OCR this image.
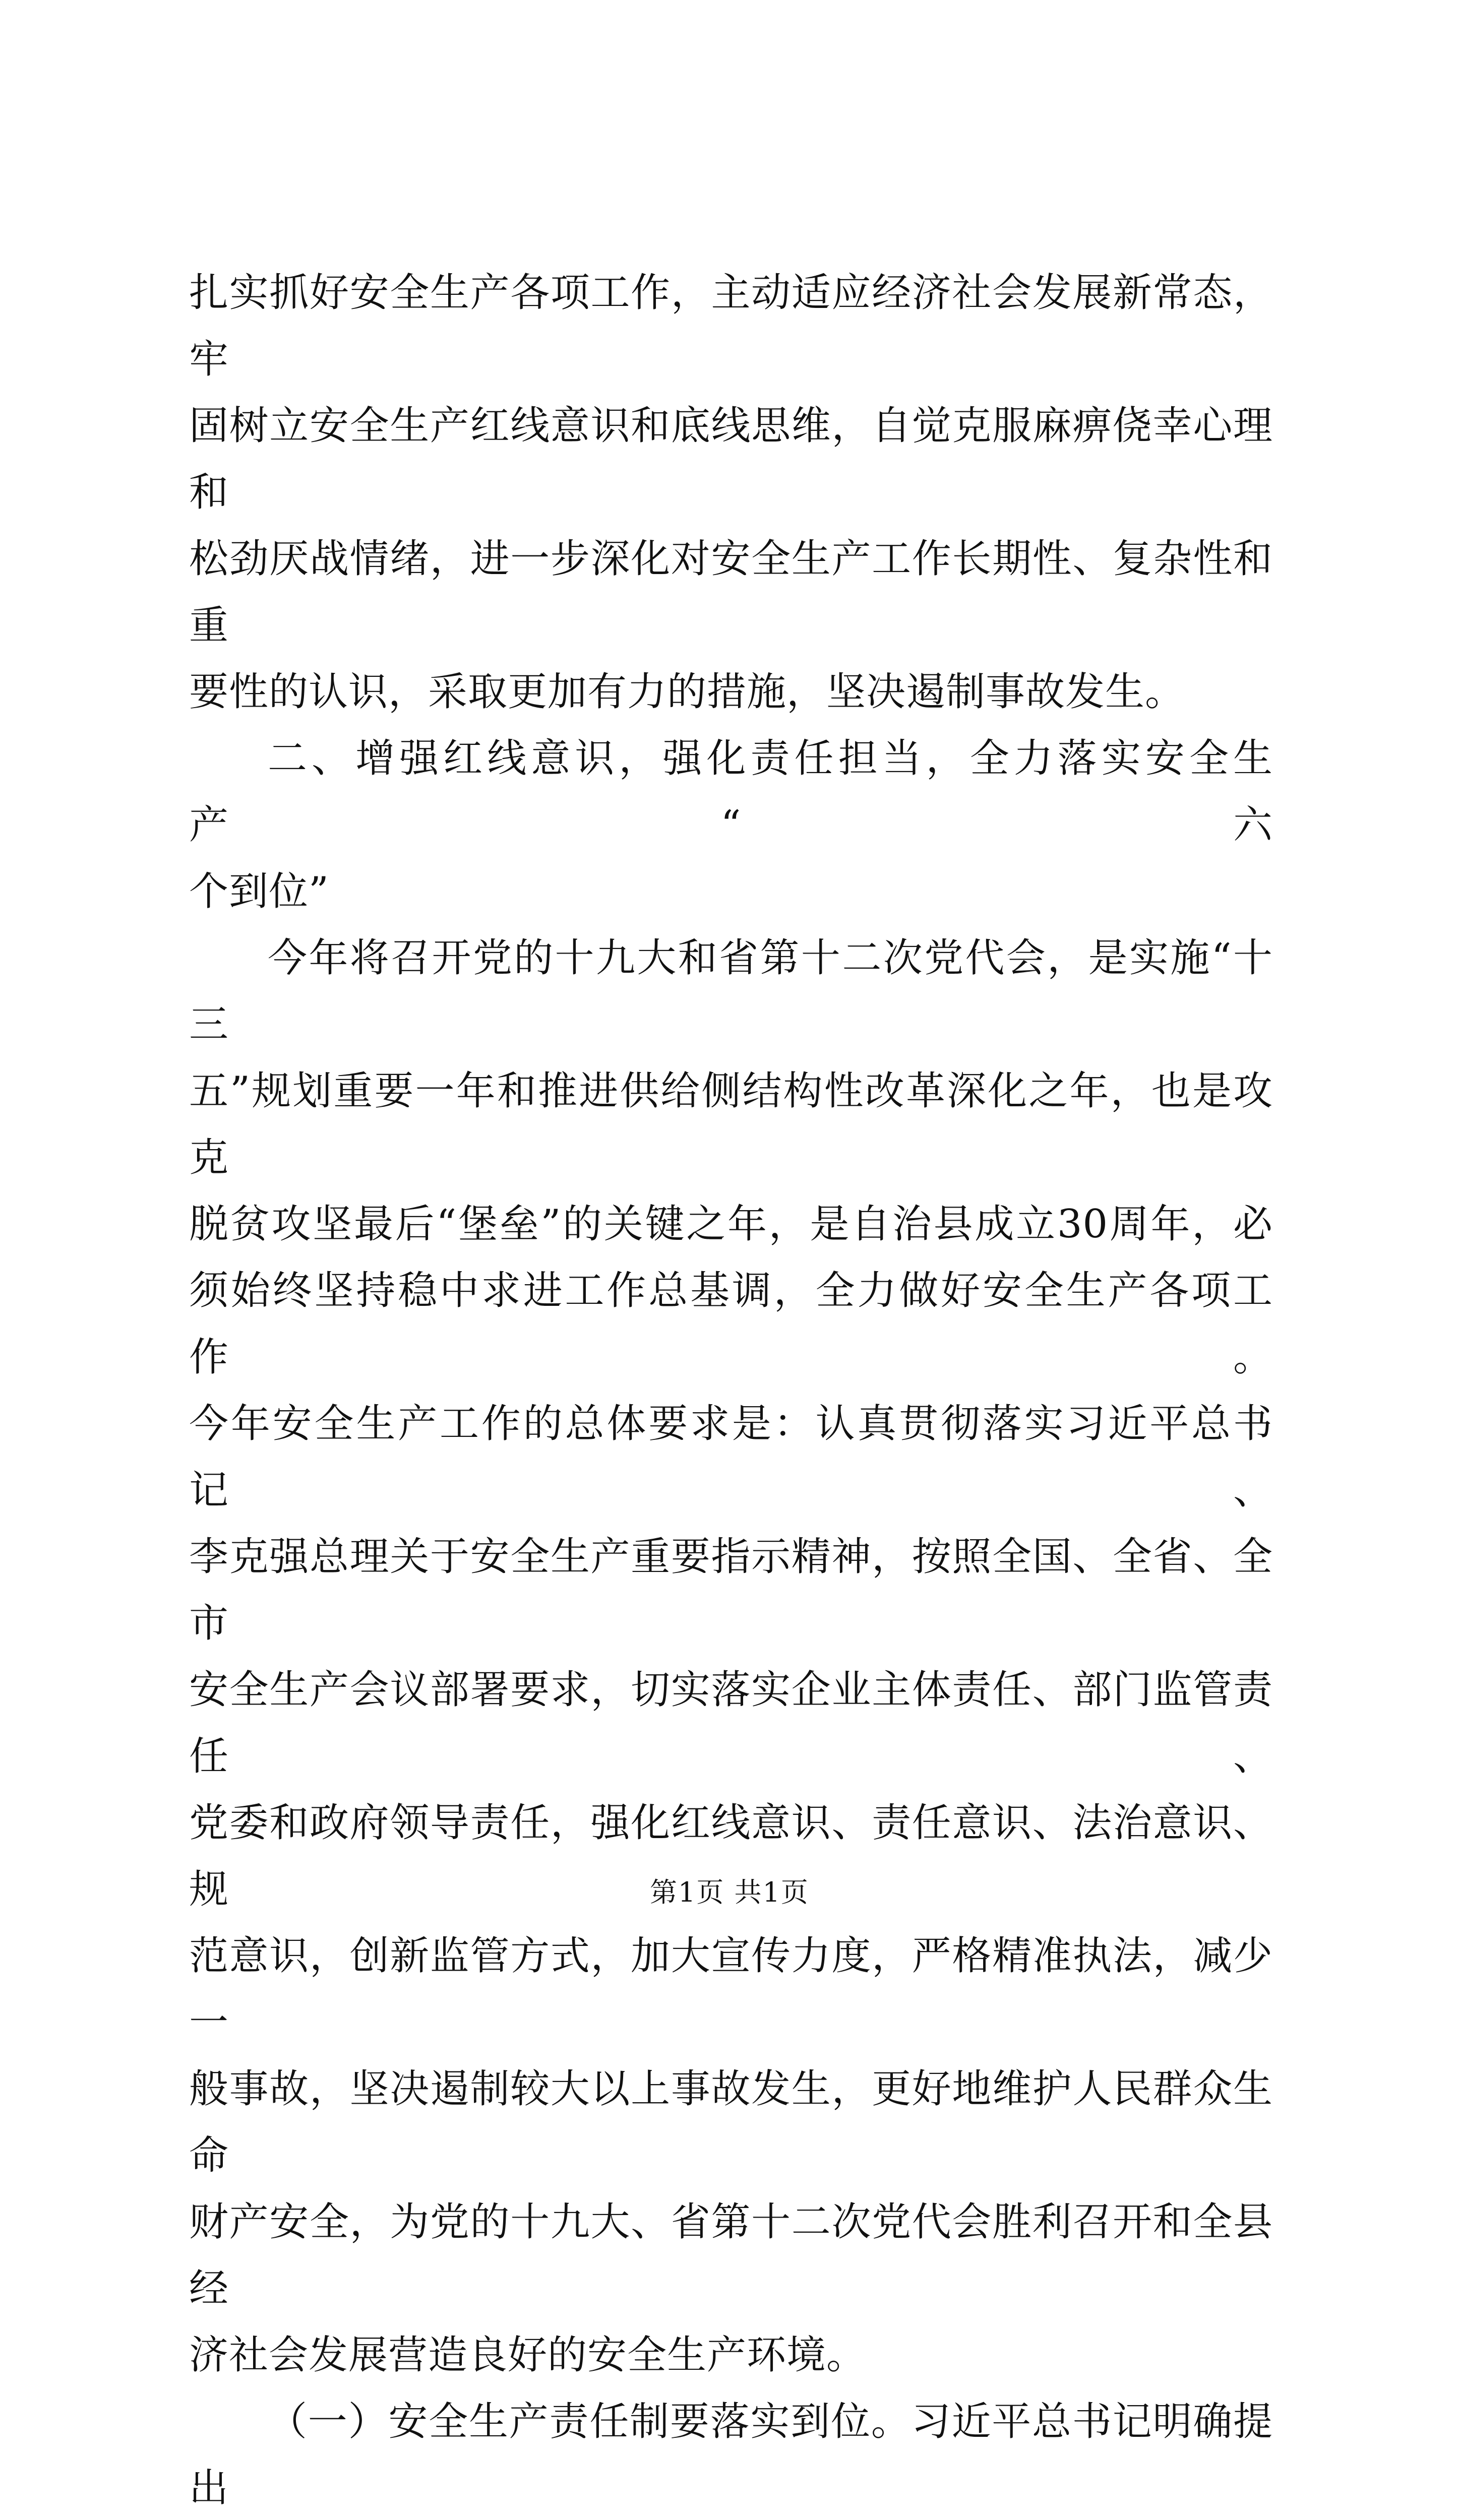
扎实抓好安全生产各项工作，主动适应经济社会发展新常态，牢

固树立安全生产红线意识和底线思维，自觉克服麻痹侥幸心理和

松劲厌战情绪，进一步深化对安全生产工作长期性、复杂性和重

要性的认识，采取更加有力的措施，坚决遏制事故发生。

二、增强红线意识，强化责任担当，全力落实安全生产“六

个到位”

今年将召开党的十九大和省第十二次党代会，是实施“十三

五”规划重要一年和推进供给侧结构性改革深化之年，也是攻克

脱贫攻坚最后“堡垒”的关键之年，是自治县成立30周年，必

须始终坚持稳中求进工作总基调，全力做好安全生产各项工作。

今年安全生产工作的总体要求是：认真贯彻落实习近平总书记、

李克强总理关于安全生产重要指示精神，按照全国、全省、全市

安全生产会议部署要求，切实落实企业主体责任、部门监管责任、

党委和政府领导责任，强化红线意识、责任意识、法治意识、规

范意识，创新监管方式，加大宣传力度，严格精准执法，减少一

般事故，坚决遏制较大以上事故发生，更好地维护人民群众生命

财产安全，为党的十九大、省第十二次党代会胜利召开和全县经

济社会发展营造良好的安全生产环境。

（一）安全生产责任制要落实到位。习近平总书记明确提出

第1页 共1页
